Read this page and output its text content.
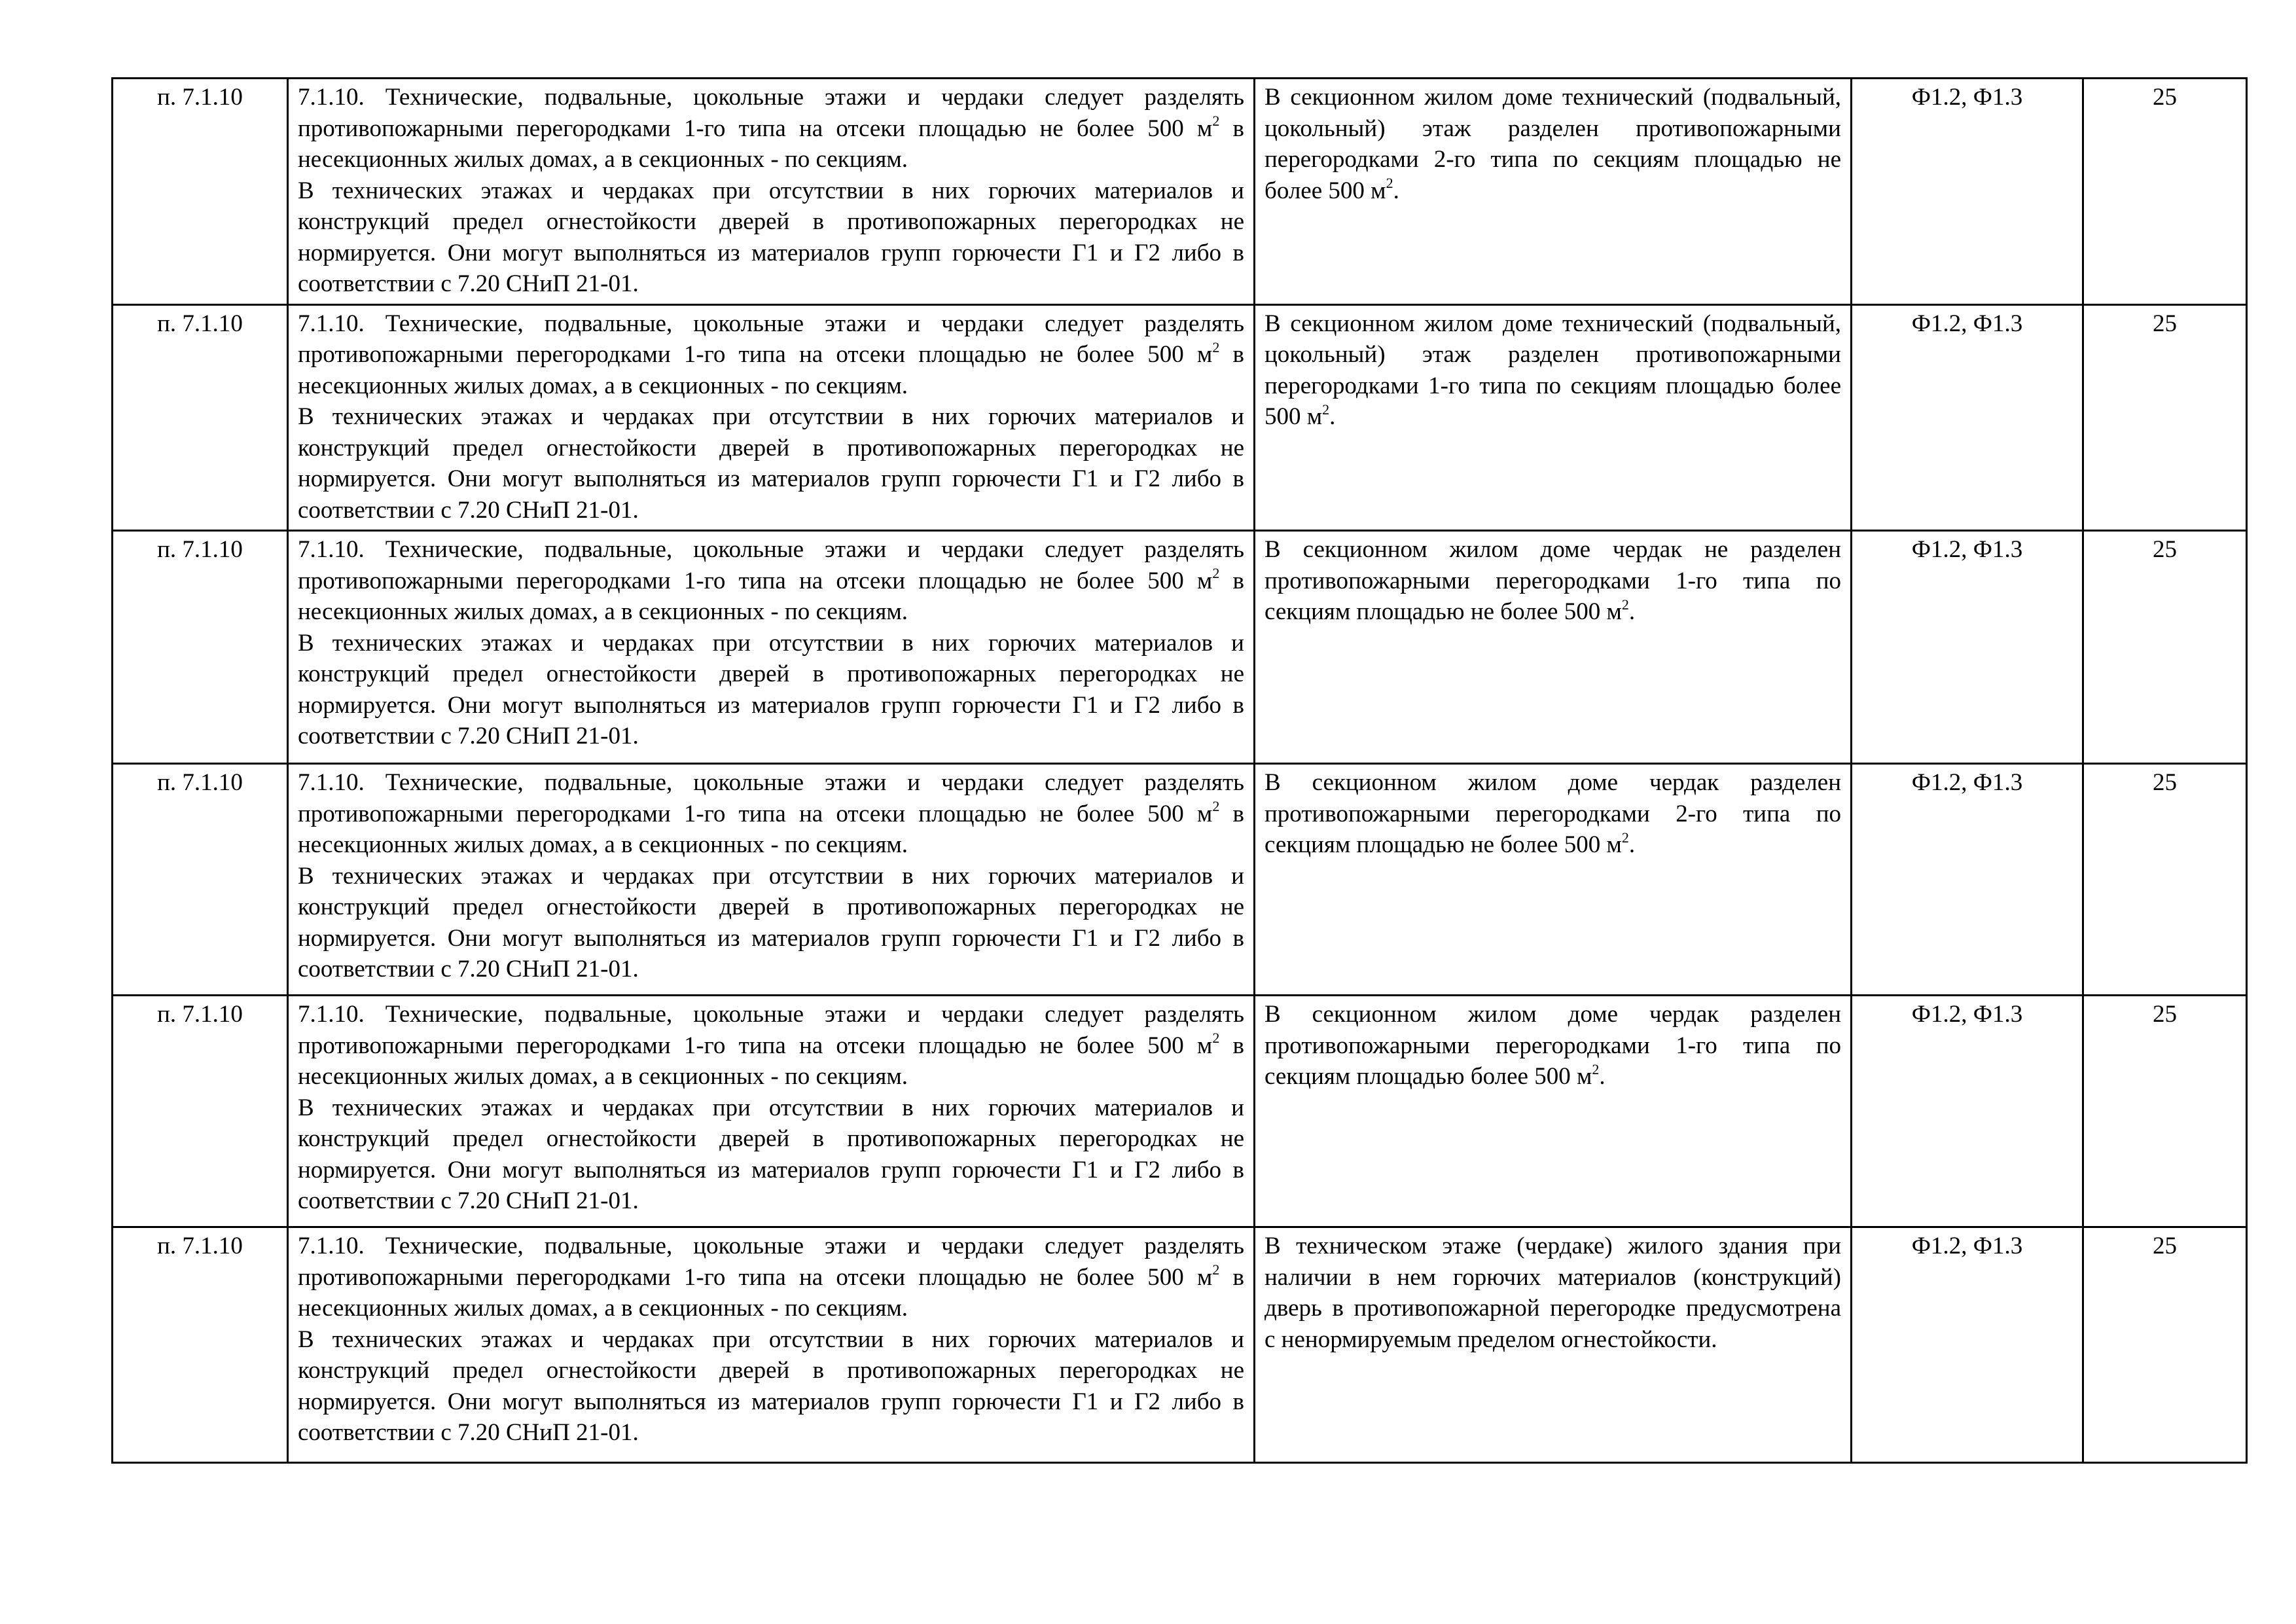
п. 7.1.10	7.1.10. Технические, подвальные, цокольные этажи и чердаки следует разделять противопожарными перегородками 1-го типа на отсеки площадью не более 500 $м^2$ в несекционных жилых домах, а в секционных - по секциям.
В технических этажах и чердаках при отсутствии в них горючих материалов и конструкций предел огнестойкости дверей в противопожарных перегородках не нормируется. Они могут выполняться из материалов групп горючести Г1 и Г2 либо в соответствии с 7.20 СНиП 21-01.	В секционном жилом доме технический (подвальный, цокольный) этаж разделен противопожарными перегородками 2-го типа по секциям площадью не более 500 $м^2$.	Ф1.2, Ф1.3	25
п. 7.1.10	7.1.10. Технические, подвальные, цокольные этажи и чердаки следует разделять противопожарными перегородками 1-го типа на отсеки площадью не более 500 $м^2$ в несекционных жилых домах, а в секционных - по секциям.
В технических этажах и чердаках при отсутствии в них горючих материалов и конструкций предел огнестойкости дверей в противопожарных перегородках не нормируется. Они могут выполняться из материалов групп горючести Г1 и Г2 либо в соответствии с 7.20 СНиП 21-01.	В секционном жилом доме технический (подвальный, цокольный) этаж разделен противопожарными перегородками 1-го типа по секциям площадью более 500 $м^2$.	Ф1.2, Ф1.3	25
п. 7.1.10	7.1.10. Технические, подвальные, цокольные этажи и чердаки следует разделять противопожарными перегородками 1-го типа на отсеки площадью не более 500 $м^2$ в несекционных жилых домах, а в секционных - по секциям.
В технических этажах и чердаках при отсутствии в них горючих материалов и конструкций предел огнестойкости дверей в противопожарных перегородках не нормируется. Они могут выполняться из материалов групп горючести Г1 и Г2 либо в соответствии с 7.20 СНиП 21-01.	В секционном жилом доме чердак не разделен противопожарными перегородками 1-го типа по секциям площадью не более 500 $м^2$.	Ф1.2, Ф1.3	25
п. 7.1.10	7.1.10. Технические, подвальные, цокольные этажи и чердаки следует разделять противопожарными перегородками 1-го типа на отсеки площадью не более 500 $м^2$ в несекционных жилых домах, а в секционных - по секциям.
В технических этажах и чердаках при отсутствии в них горючих материалов и конструкций предел огнестойкости дверей в противопожарных перегородках не нормируется. Они могут выполняться из материалов групп горючести Г1 и Г2 либо в соответствии с 7.20 СНиП 21-01.	В секционном жилом доме чердак разделен противопожарными перегородками 2-го типа по секциям площадью не более 500 $м^2$.	Ф1.2, Ф1.3	25
п. 7.1.10	7.1.10. Технические, подвальные, цокольные этажи и чердаки следует разделять противопожарными перегородками 1-го типа на отсеки площадью не более 500 $м^2$ в несекционных жилых домах, а в секционных - по секциям.
В технических этажах и чердаках при отсутствии в них горючих материалов и конструкций предел огнестойкости дверей в противопожарных перегородках не нормируется. Они могут выполняться из материалов групп горючести Г1 и Г2 либо в соответствии с 7.20 СНиП 21-01.	В секционном жилом доме чердак разделен противопожарными перегородками 1-го типа по секциям площадью более 500 $м^2$.	Ф1.2, Ф1.3	25
п. 7.1.10	7.1.10. Технические, подвальные, цокольные этажи и чердаки следует разделять противопожарными перегородками 1-го типа на отсеки площадью не более 500 $м^2$ в несекционных жилых домах, а в секционных - по секциям.
В технических этажах и чердаках при отсутствии в них горючих материалов и конструкций предел огнестойкости дверей в противопожарных перегородках не нормируется. Они могут выполняться из материалов групп горючести Г1 и Г2 либо в соответствии с 7.20 СНиП 21-01.	В техническом этаже (чердаке) жилого здания при наличии в нем горючих материалов (конструкций) дверь в противопожарной перегородке предусмотрена с ненормируемым пределом огнестойкости.	Ф1.2, Ф1.3	25
